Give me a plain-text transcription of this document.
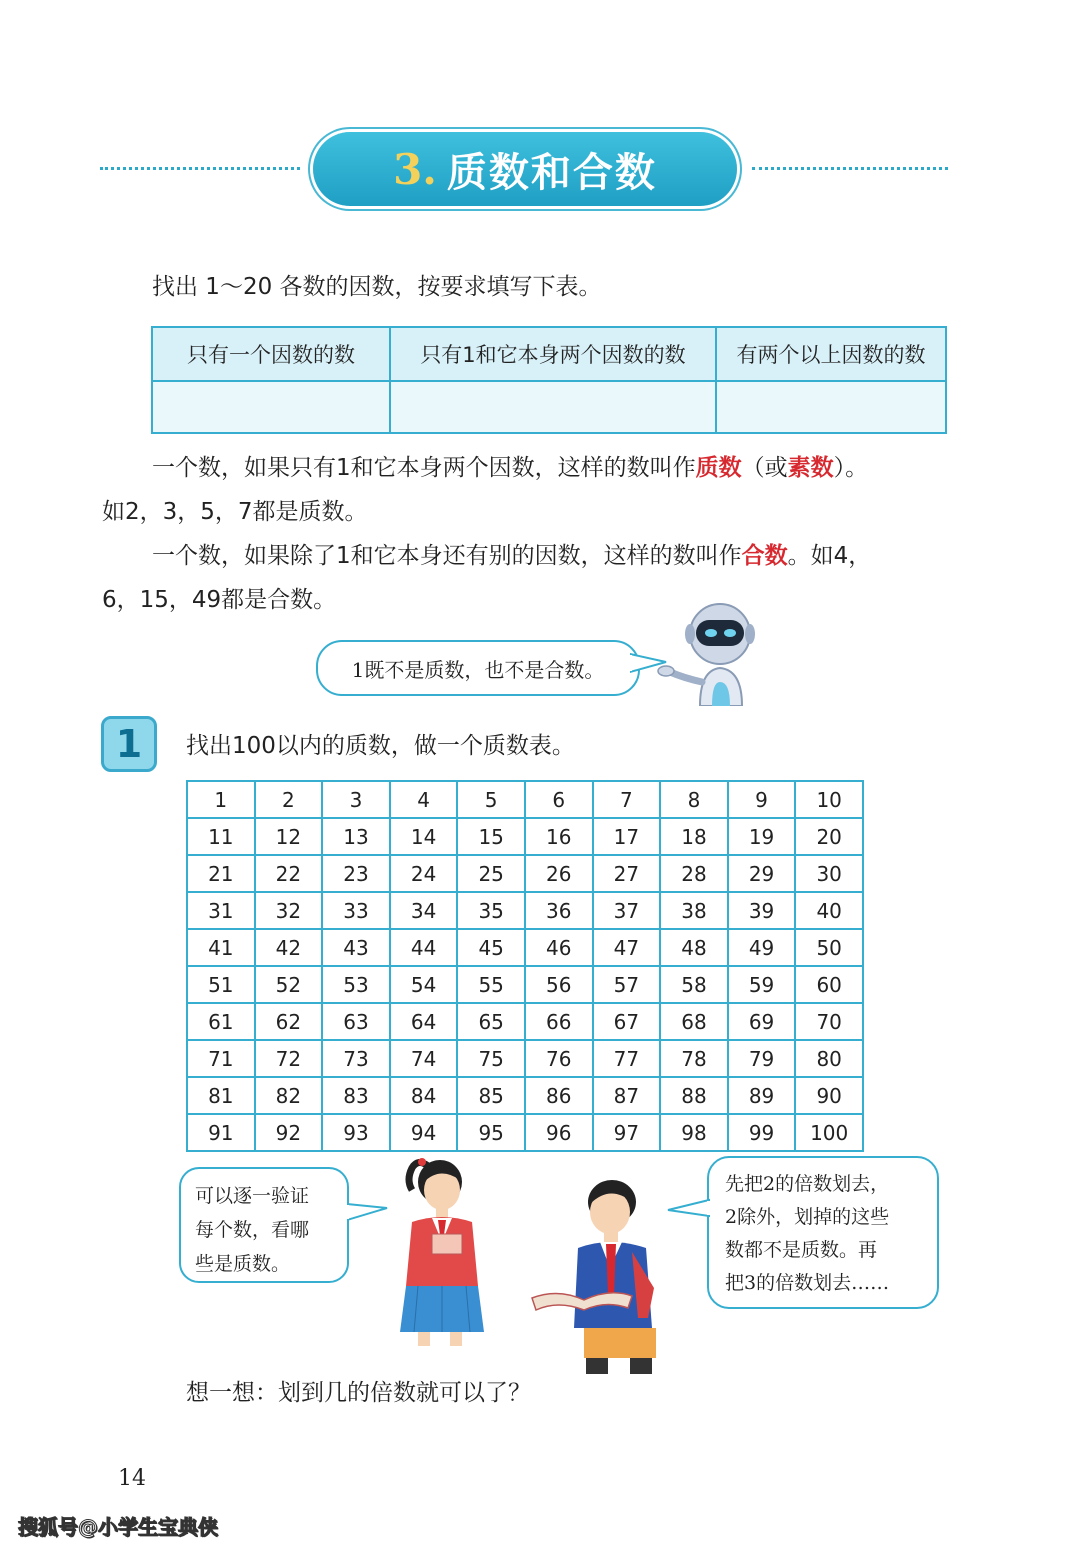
3. 质数和合数
找出 1～20 各数的因数，按要求填写下表。
只有一个因数的数	只有1和它本身两个因数的数	有两个以上因数的数

一个数，如果只有1和它本身两个因数，这样的数叫作质数（或素数）。
如2，3，5，7都是质数。
一个数，如果除了1和它本身还有别的因数，这样的数叫作合数。如4，
6，15，49都是合数。
1既不是质数，也不是合数。
1	找出100以内的质数，做一个质数表。
1	2	3	4	5	6	7	8	9	10
11	12	13	14	15	16	17	18	19	20
21	22	23	24	25	26	27	28	29	30
31	32	33	34	35	36	37	38	39	40
41	42	43	44	45	46	47	48	49	50
51	52	53	54	55	56	57	58	59	60
61	62	63	64	65	66	67	68	69	70
71	72	73	74	75	76	77	78	79	80
81	82	83	84	85	86	87	88	89	90
91	92	93	94	95	96	97	98	99	100
可以逐一验证
每个数，看哪
些是质数。
先把2的倍数划去，
2除外，划掉的这些
数都不是质数。再
把3的倍数划去……
想一想：划到几的倍数就可以了？
14
搜狐号@小学生宝典侠
